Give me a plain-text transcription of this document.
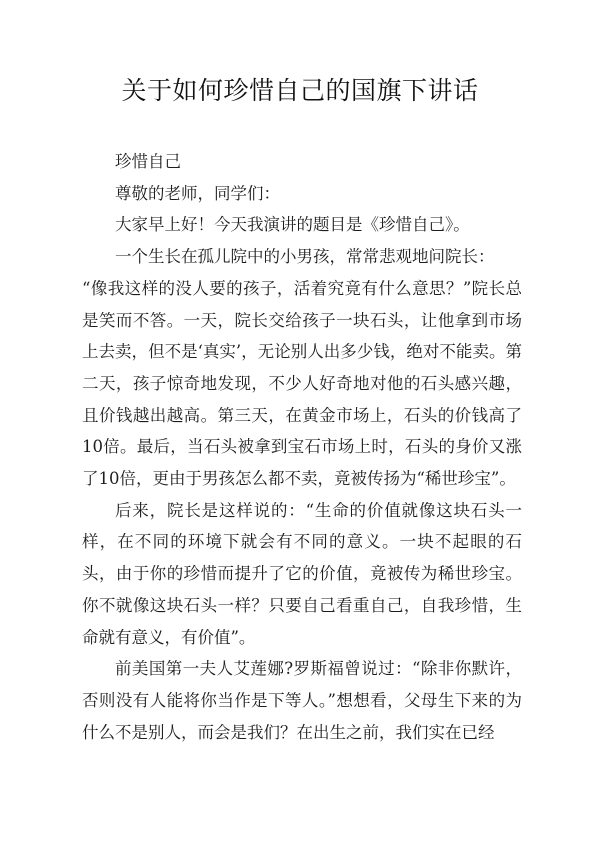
关于如何珍惜自己的国旗下讲话

珍惜自己

尊敬的老师，同学们：

大家早上好！今天我演讲的题目是《珍惜自己》。

一个生长在孤儿院中的小男孩，常常悲观地问院长：

“像我这样的没人要的孩子，活着究竟有什么意思？”院长总是笑而不答。一天，院长交给孩子一块石头，让他拿到市场上去卖，但不是‘真实’，无论别人出多少钱，绝对不能卖。第二天，孩子惊奇地发现，不少人好奇地对他的石头感兴趣，且价钱越出越高。第三天，在黄金市场上，石头的价钱高了10倍。最后，当石头被拿到宝石市场上时，石头的身价又涨了10倍，更由于男孩怎么都不卖，竟被传扬为“稀世珍宝”。

后来，院长是这样说的：“生命的价值就像这块石头一样，在不同的环境下就会有不同的意义。一块不起眼的石头，由于你的珍惜而提升了它的价值，竟被传为稀世珍宝。你不就像这块石头一样？只要自己看重自己，自我珍惜，生命就有意义，有价值”。

前美国第一夫人艾莲娜?罗斯福曾说过：“除非你默许，否则没有人能将你当作是下等人。”想想看，父母生下来的为什么不是别人，而会是我们？在出生之前，我们实在已经
